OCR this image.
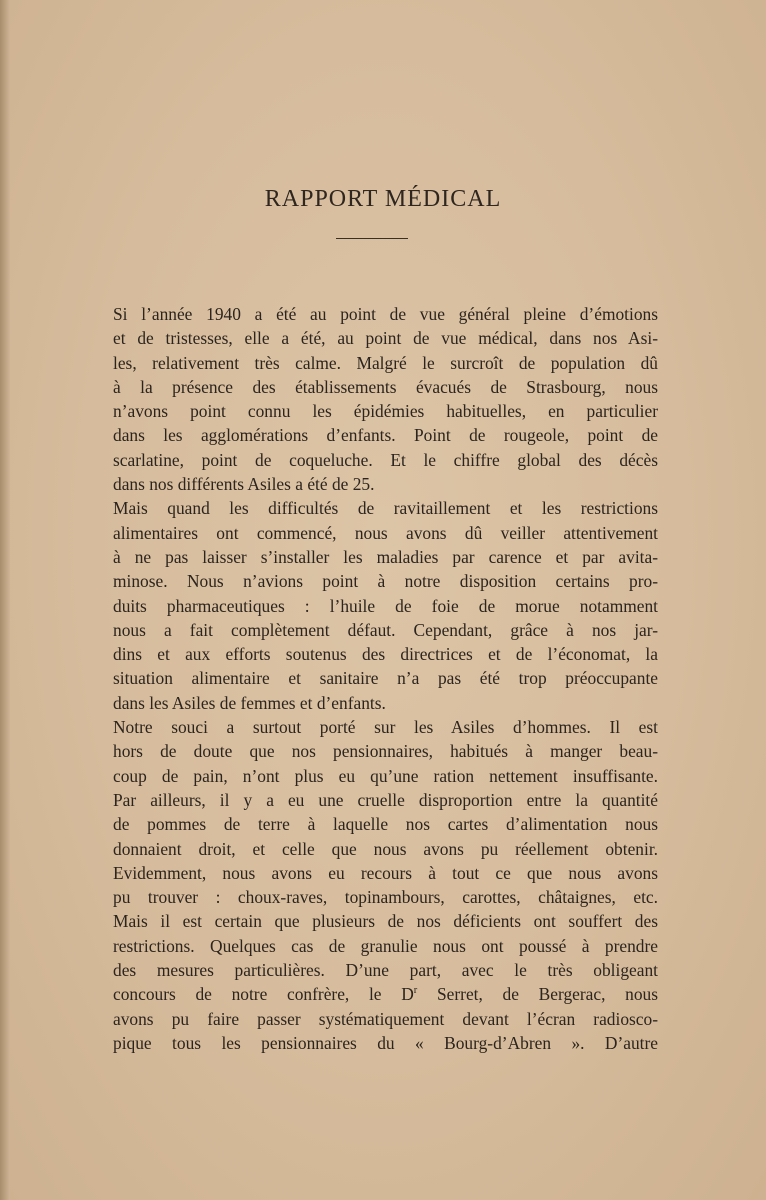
RAPPORT MÉDICAL
Si l’année 1940 a été au point de vue général pleine d’émotions
et de tristesses, elle a été, au point de vue médical, dans nos Asi-
les, relativement très calme. Malgré le surcroît de population dû
à la présence des établissements évacués de Strasbourg, nous
n’avons point connu les épidémies habituelles, en particulier
dans les agglomérations d’enfants. Point de rougeole, point de
scarlatine, point de coqueluche. Et le chiffre global des décès
dans nos différents Asiles a été de 25.
Mais quand les difficultés de ravitaillement et les restrictions
alimentaires ont commencé, nous avons dû veiller attentivement
à ne pas laisser s’installer les maladies par carence et par avita-
minose. Nous n’avions point à notre disposition certains pro-
duits pharmaceutiques : l’huile de foie de morue notamment
nous a fait complètement défaut. Cependant, grâce à nos jar-
dins et aux efforts soutenus des directrices et de l’économat, la
situation alimentaire et sanitaire n’a pas été trop préoccupante
dans les Asiles de femmes et d’enfants.
Notre souci a surtout porté sur les Asiles d’hommes. Il est
hors de doute que nos pensionnaires, habitués à manger beau-
coup de pain, n’ont plus eu qu’une ration nettement insuffisante.
Par ailleurs, il y a eu une cruelle disproportion entre la quantité
de pommes de terre à laquelle nos cartes d’alimentation nous
donnaient droit, et celle que nous avons pu réellement obtenir.
Evidemment, nous avons eu recours à tout ce que nous avons
pu trouver : choux-raves, topinambours, carottes, châtaignes, etc.
Mais il est certain que plusieurs de nos déficients ont souffert des
restrictions. Quelques cas de granulie nous ont poussé à prendre
des mesures particulières. D’une part, avec le très obligeant
concours de notre confrère, le $D^r$ Serret, de Bergerac, nous
avons pu faire passer systématiquement devant l’écran radiosco-
pique tous les pensionnaires du « Bourg-d’Abren ». D’autre
